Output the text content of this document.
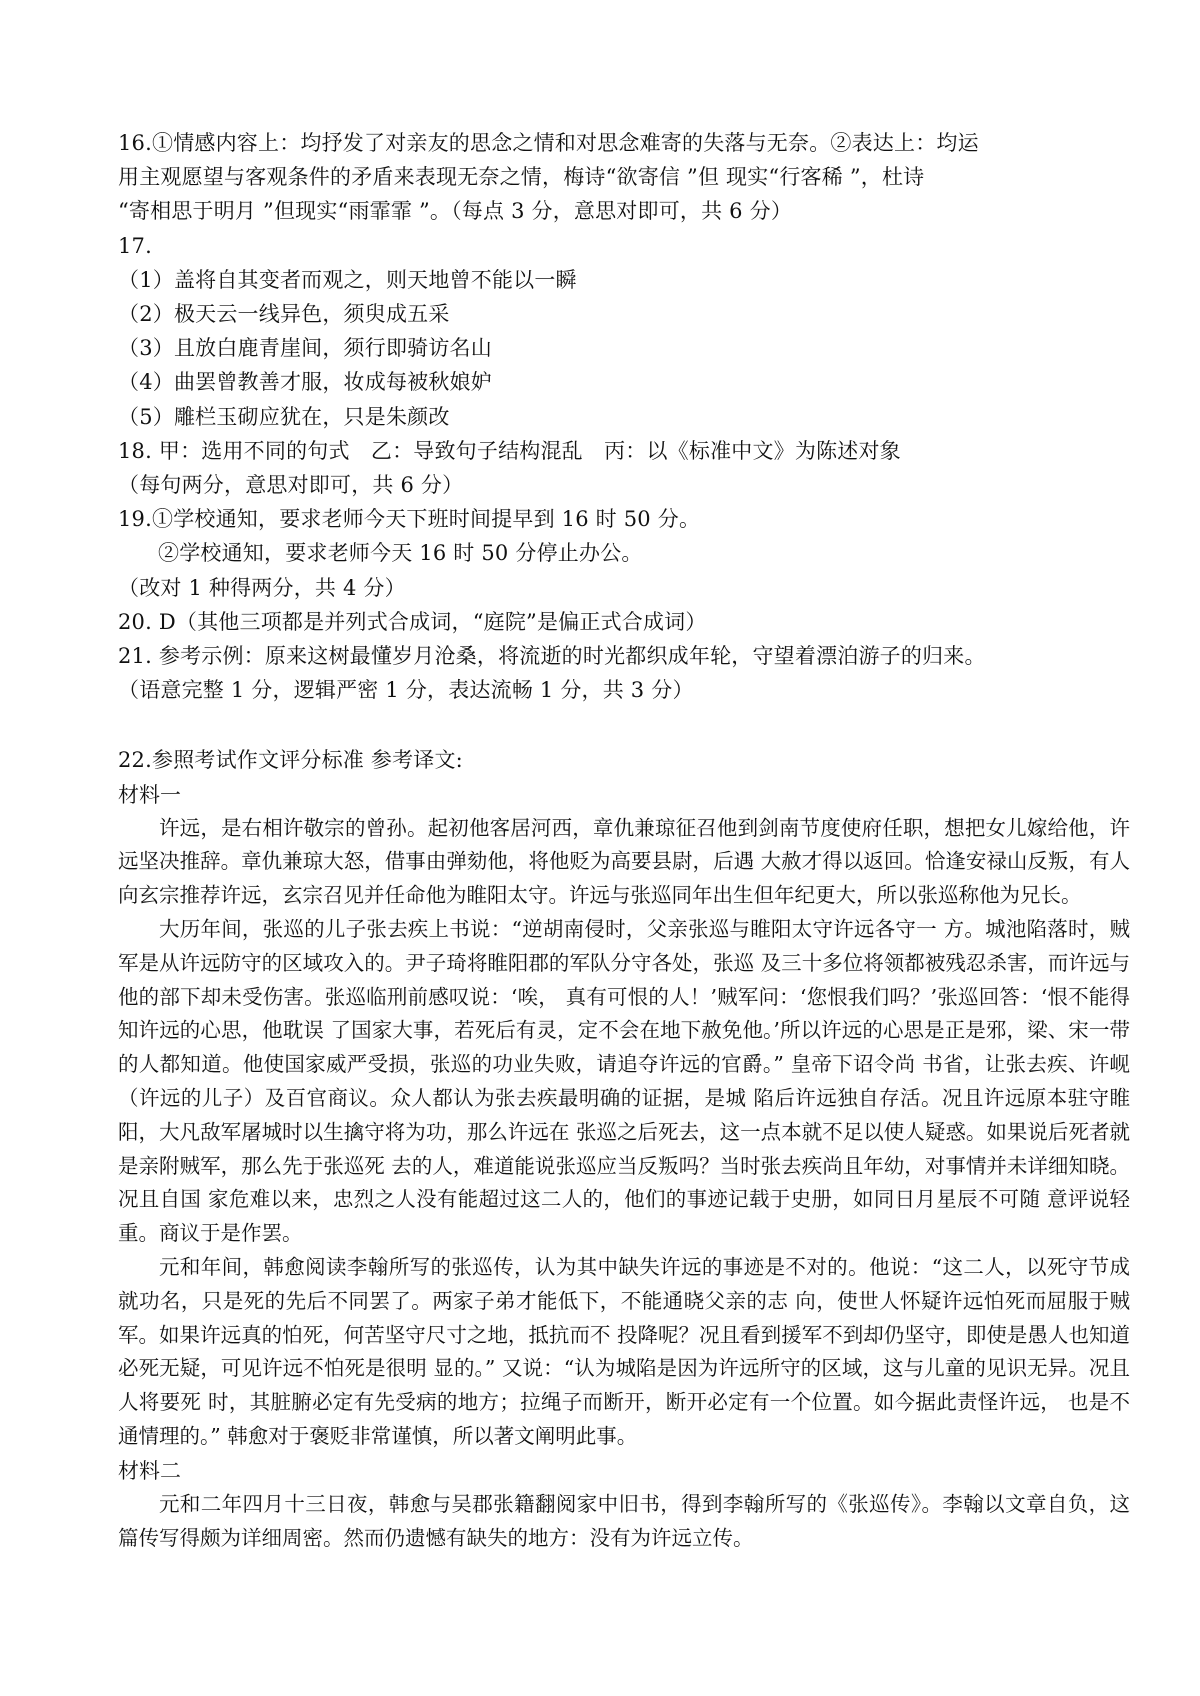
16.①情感内容上：均抒发了对亲友的思念之情和对思念难寄的失落与无奈。②表达上：均运
用主观愿望与客观条件的矛盾来表现无奈之情，梅诗“欲寄信 ”但 现实“行客稀 ”，杜诗
“寄相思于明月 ”但现实“雨霏霏 ”。（每点 3 分，意思对即可，共 6 分）
17.
（1）盖将自其变者而观之，则天地曾不能以一瞬
（2）极天云一线异色，须臾成五采
（3）且放白鹿青崖间，须行即骑访名山
（4）曲罢曾教善才服，妆成每被秋娘妒
（5）雕栏玉砌应犹在，只是朱颜改
18. 甲：选用不同的句式　乙：导致句子结构混乱　丙：以《标准中文》为陈述对象
（每句两分，意思对即可，共 6 分）
19.①学校通知，要求老师今天下班时间提早到 16 时 50 分。
②学校通知，要求老师今天 16 时 50 分停止办公。
（改对 1 种得两分，共 4 分）
20. D（其他三项都是并列式合成词，“庭院”是偏正式合成词）
21. 参考示例：原来这树最懂岁月沧桑，将流逝的时光都织成年轮，守望着漂泊游子的归来。
（语意完整 1 分，逻辑严密 1 分，表达流畅 1 分，共 3 分）
22.参照考试作文评分标准 参考译文:
材料一

许远，是右相许敬宗的曾孙。起初他客居河西，章仇兼琼征召他到剑南节度使府任职，想把女儿嫁给他，许远坚决推辞。章仇兼琼大怒，借事由弹劾他，将他贬为高要县尉，后遇 大赦才得以返回。恰逢安禄山反叛，有人向玄宗推荐许远，玄宗召见并任命他为睢阳太守。许远与张巡同年出生但年纪更大，所以张巡称他为兄长。

大历年间，张巡的儿子张去疾上书说：“逆胡南侵时，父亲张巡与睢阳太守许远各守一 方。城池陷落时，贼军是从许远防守的区域攻入的。尹子琦将睢阳郡的军队分守各处，张巡 及三十多位将领都被残忍杀害，而许远与他的部下却未受伤害。张巡临刑前感叹说：‘唉， 真有可恨的人！’贼军问：‘您恨我们吗？’张巡回答：‘恨不能得知许远的心思，他耽误 了国家大事，若死后有灵，定不会在地下赦免他。’所以许远的心思是正是邪，梁、宋一带 的人都知道。他使国家威严受损，张巡的功业失败，请追夺许远的官爵。” 皇帝下诏令尚 书省，让张去疾、许岘（许远的儿子）及百官商议。众人都认为张去疾最明确的证据，是城 陷后许远独自存活。况且许远原本驻守睢阳，大凡敌军屠城时以生擒守将为功，那么许远在 张巡之后死去，这一点本就不足以使人疑惑。如果说后死者就是亲附贼军，那么先于张巡死 去的人，难道能说张巡应当反叛吗？当时张去疾尚且年幼，对事情并未详细知晓。况且自国 家危难以来，忠烈之人没有能超过这二人的，他们的事迹记载于史册，如同日月星辰不可随 意评说轻重。商议于是作罢。

元和年间，韩愈阅读李翰所写的张巡传，认为其中缺失许远的事迹是不对的。他说：“这二人，以死守节成就功名，只是死的先后不同罢了。两家子弟才能低下，不能通晓父亲的志 向，使世人怀疑许远怕死而屈服于贼军。如果许远真的怕死，何苦坚守尺寸之地，抵抗而不 投降呢？况且看到援军不到却仍坚守，即使是愚人也知道必死无疑，可见许远不怕死是很明 显的。” 又说：“认为城陷是因为许远所守的区域，这与儿童的见识无异。况且人将要死 时，其脏腑必定有先受病的地方；拉绳子而断开，断开必定有一个位置。如今据此责怪许远， 也是不通情理的。” 韩愈对于褒贬非常谨慎，所以著文阐明此事。

材料二

元和二年四月十三日夜，韩愈与吴郡张籍翻阅家中旧书，得到李翰所写的《张巡传》。李翰以文章自负，这篇传写得颇为详细周密。然而仍遗憾有缺失的地方：没有为许远立传。
